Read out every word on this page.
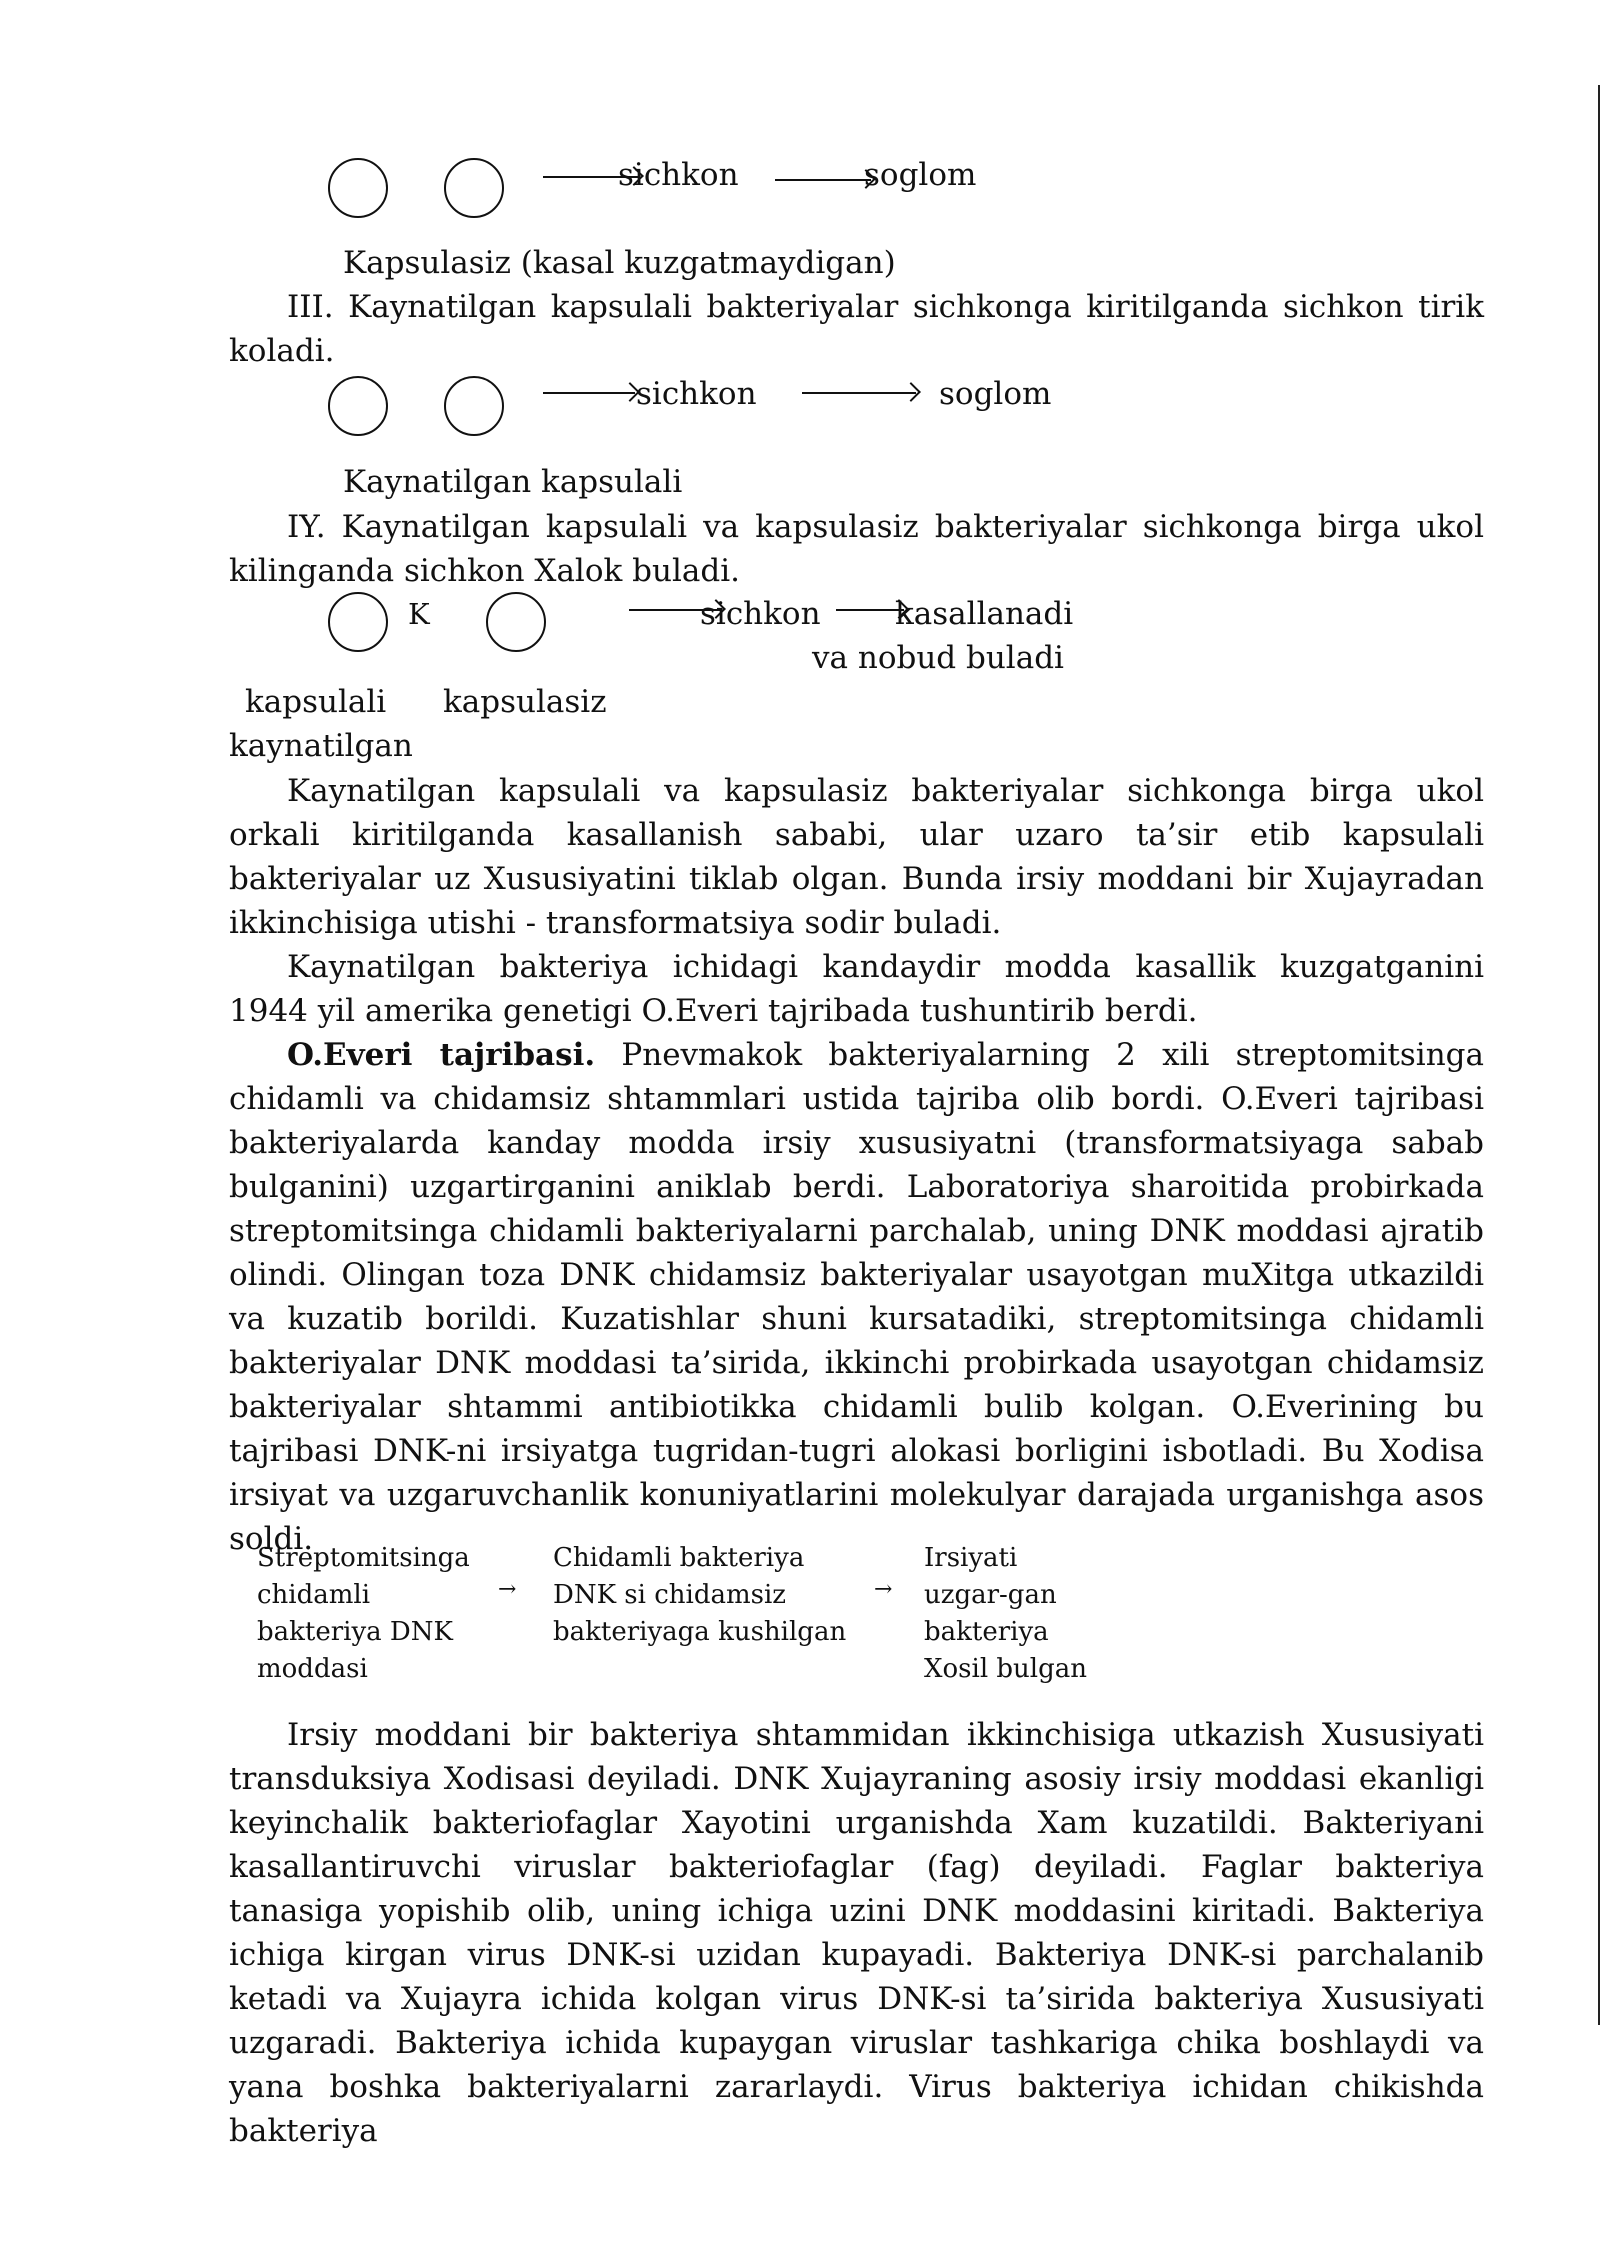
sichkon	soglom
Kapsulasiz (kasal kuzgatmaydigan)
III. Kaynatilgan kapsulali bakteriyalar sichkonga kiritilganda sichkon tirik koladi.
sichkon	soglom
Kaynatilgan kapsulali
IY. Kaynatilgan kapsulali va kapsulasiz bakteriyalar sichkonga birga ukol kilinganda sichkon Xalok buladi.
K	sichkon kasallanadi
va nobud buladi
kapsulali kapsulasiz
kaynatilgan
Kaynatilgan kapsulali va kapsulasiz bakteriyalar sichkonga birga ukol orkali kiritilganda kasallanish sababi, ular uzaro ta’sir etib kapsulali bakteriyalar uz Xususiyatini tiklab olgan. Bunda irsiy moddani bir Xujayradan ikkinchisiga utishi - transformatsiya sodir buladi.
Kaynatilgan bakteriya ichidagi kandaydir modda kasallik kuzgatganini 1944 yil amerika genetigi O.Everi tajribada tushuntirib berdi.
O.Everi tajribasi. Pnevmakok bakteriyalarning 2 xili streptomitsinga chidamli va chidamsiz shtammlari ustida tajriba olib bordi. O.Everi tajribasi bakteriyalarda kanday modda irsiy xususiyatni (transformatsiyaga sabab bulganini) uzgartirganini aniklab berdi. Laboratoriya sharoitida probirkada streptomitsinga chidamli bakteriyalarni parchalab, uning DNK moddasi ajratib olindi. Olingan toza DNK chidamsiz bakteriyalar usayotgan muXitga utkazildi va kuzatib borildi. Kuzatishlar shuni kursatadiki, streptomitsinga chidamli bakteriyalar DNK moddasi ta’sirida, ikkinchi probirkada usayotgan chidamsiz bakteriyalar shtammi antibiotikka chidamli bulib kolgan. O.Everining bu tajribasi DNK-ni irsiyatga tugridan-tugri alokasi borligini isbotladi. Bu Xodisa irsiyat va uzgaruvchanlik konuniyatlarini molekulyar darajada urganishga asos soldi.
Streptomitsinga
chidamli
bakteriya DNK
moddasi
→
Chidamli bakteriya
DNK si chidamsiz
bakteriyaga kushilgan
→
Irsiyati
uzgar-gan
bakteriya
Xosil bulgan
Irsiy moddani bir bakteriya shtammidan ikkinchisiga utkazish Xususiyati transduksiya Xodisasi deyiladi. DNK Xujayraning asosiy irsiy moddasi ekanligi keyinchalik bakteriofaglar Xayotini urganishda Xam kuzatildi. Bakteriyani kasallantiruvchi viruslar bakteriofaglar (fag) deyiladi. Faglar bakteriya tanasiga yopishib olib, uning ichiga uzini DNK moddasini kiritadi. Bakteriya ichiga kirgan virus DNK-si uzidan kupayadi. Bakteriya DNK-si parchalanib ketadi va Xujayra ichida kolgan virus DNK-si ta’sirida bakteriya Xususiyati uzgaradi. Bakteriya ichida kupaygan viruslar tashkariga chika boshlaydi va yana boshka bakteriyalarni zararlaydi. Virus bakteriya ichidan chikishda bakteriya
